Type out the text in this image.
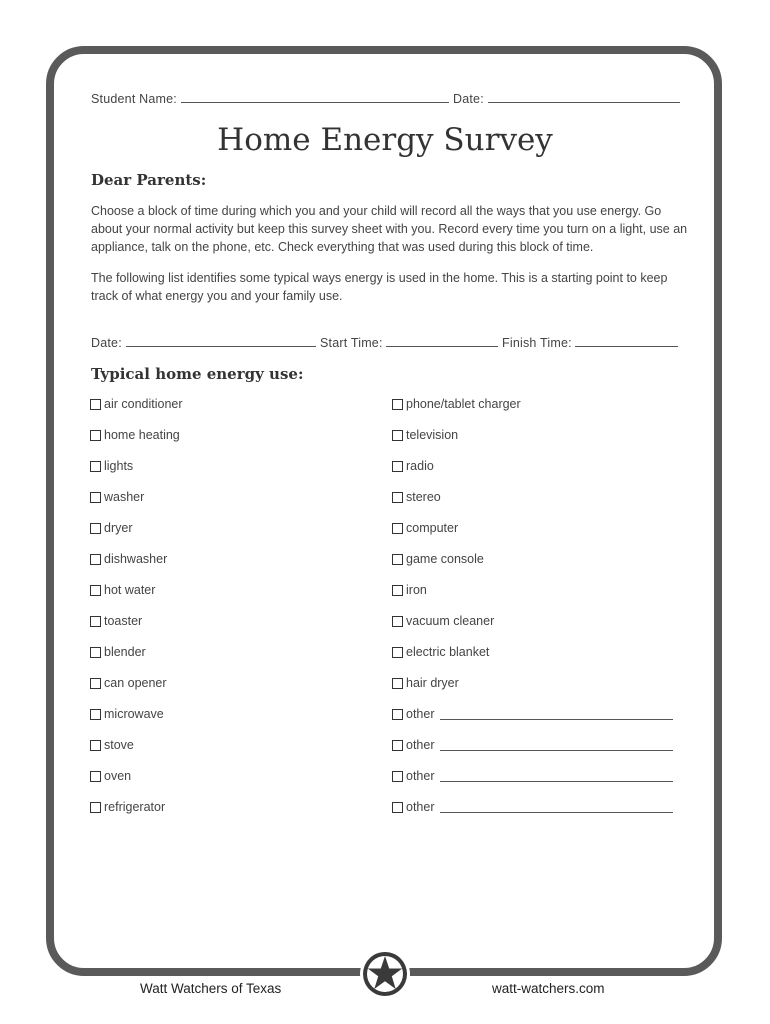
Student Name:	Date:
Home Energy Survey
Dear Parents:
Choose a block of time during which you and your child will record all the ways that you use energy. Go about your normal activity but keep this survey sheet with you. Record every time you turn on a light, use an appliance, talk on the phone, etc. Check everything that was used during this block of time.
The following list identifies some typical ways energy is used in the home. This is a starting point to keep track of what energy you and your family use.
Date:	Start Time:	Finish Time:
Typical home energy use:
air conditioner
home heating
lights
washer
dryer
dishwasher
hot water
toaster
blender
can opener
microwave
stove
oven
refrigerator
phone/tablet charger
television
radio
stereo
computer
game console
iron
vacuum cleaner
electric blanket
hair dryer
other
other
other
other
Watt Watchers of Texas	watt-watchers.com
